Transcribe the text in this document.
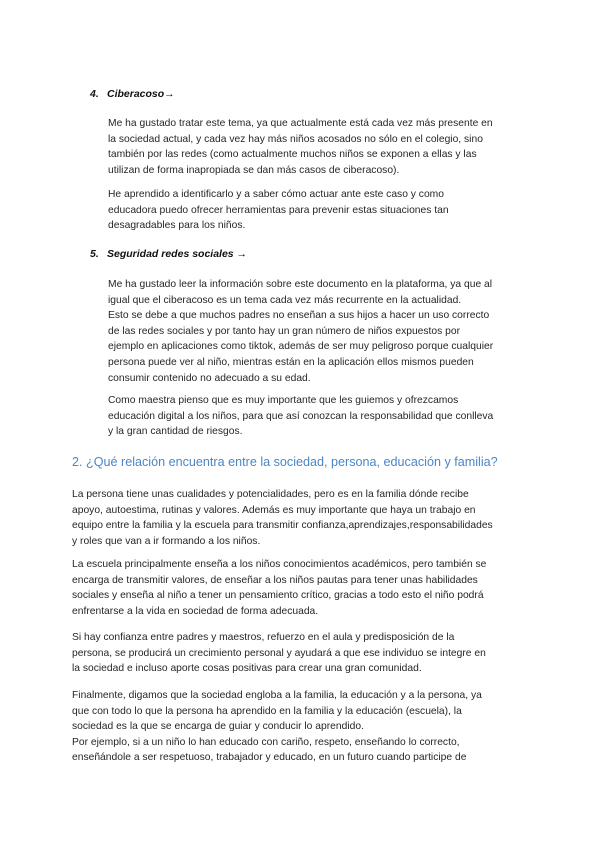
4. Ciberacoso→
Me ha gustado tratar este tema, ya que actualmente está cada vez más presente en
la sociedad actual, y cada vez hay más niños acosados no sólo en el colegio, sino
también por las redes (como actualmente muchos niños se exponen a ellas y las
utilizan de forma inapropiada se dan más casos de ciberacoso).
He aprendido a identificarlo y a saber cómo actuar ante este caso y como
educadora puedo ofrecer herramientas para prevenir estas situaciones tan
desagradables para los niños.
5. Seguridad redes sociales →
Me ha gustado leer la información sobre este documento en la plataforma, ya que al
igual que el ciberacoso es un tema cada vez más recurrente en la actualidad.
Esto se debe a que muchos padres no enseñan a sus hijos a hacer un uso correcto
de las redes sociales y por tanto hay un gran número de niños expuestos por
ejemplo en aplicaciones como tiktok, además de ser muy peligroso porque cualquier
persona puede ver al niño, mientras están en la aplicación ellos mismos pueden
consumir contenido no adecuado a su edad.
Como maestra pienso que es muy importante que les guiemos y ofrezcamos
educación digital a los niños, para que así conozcan la responsabilidad que conlleva
y la gran cantidad de riesgos.
2. ¿Qué relación encuentra entre la sociedad, persona, educación y familia?
La persona tiene unas cualidades y potencialidades, pero es en la familia dónde recibe
apoyo, autoestima, rutinas y valores. Además es muy importante que haya un trabajo en
equipo entre la familia y la escuela para transmitir confianza,aprendizajes,responsabilidades
y roles que van a ir formando a los niños.
La escuela principalmente enseña a los niños conocimientos académicos, pero también se
encarga de transmitir valores, de enseñar a los niños pautas para tener unas habilidades
sociales y enseña al niño a tener un pensamiento crítico, gracias a todo esto el niño podrá
enfrentarse a la vida en sociedad de forma adecuada.
Si hay confianza entre padres y maestros, refuerzo en el aula y predisposición de la
persona, se producirá un crecimiento personal y ayudará a que ese individuo se integre en
la sociedad e incluso aporte cosas positivas para crear una gran comunidad.
Finalmente, digamos que la sociedad engloba a la familia, la educación y a la persona, ya
que con todo lo que la persona ha aprendido en la familia y la educación (escuela), la
sociedad es la que se encarga de guiar y conducir lo aprendido.
Por ejemplo, si a un niño lo han educado con cariño, respeto, enseñando lo correcto,
enseñándole a ser respetuoso, trabajador y educado, en un futuro cuando participe de
